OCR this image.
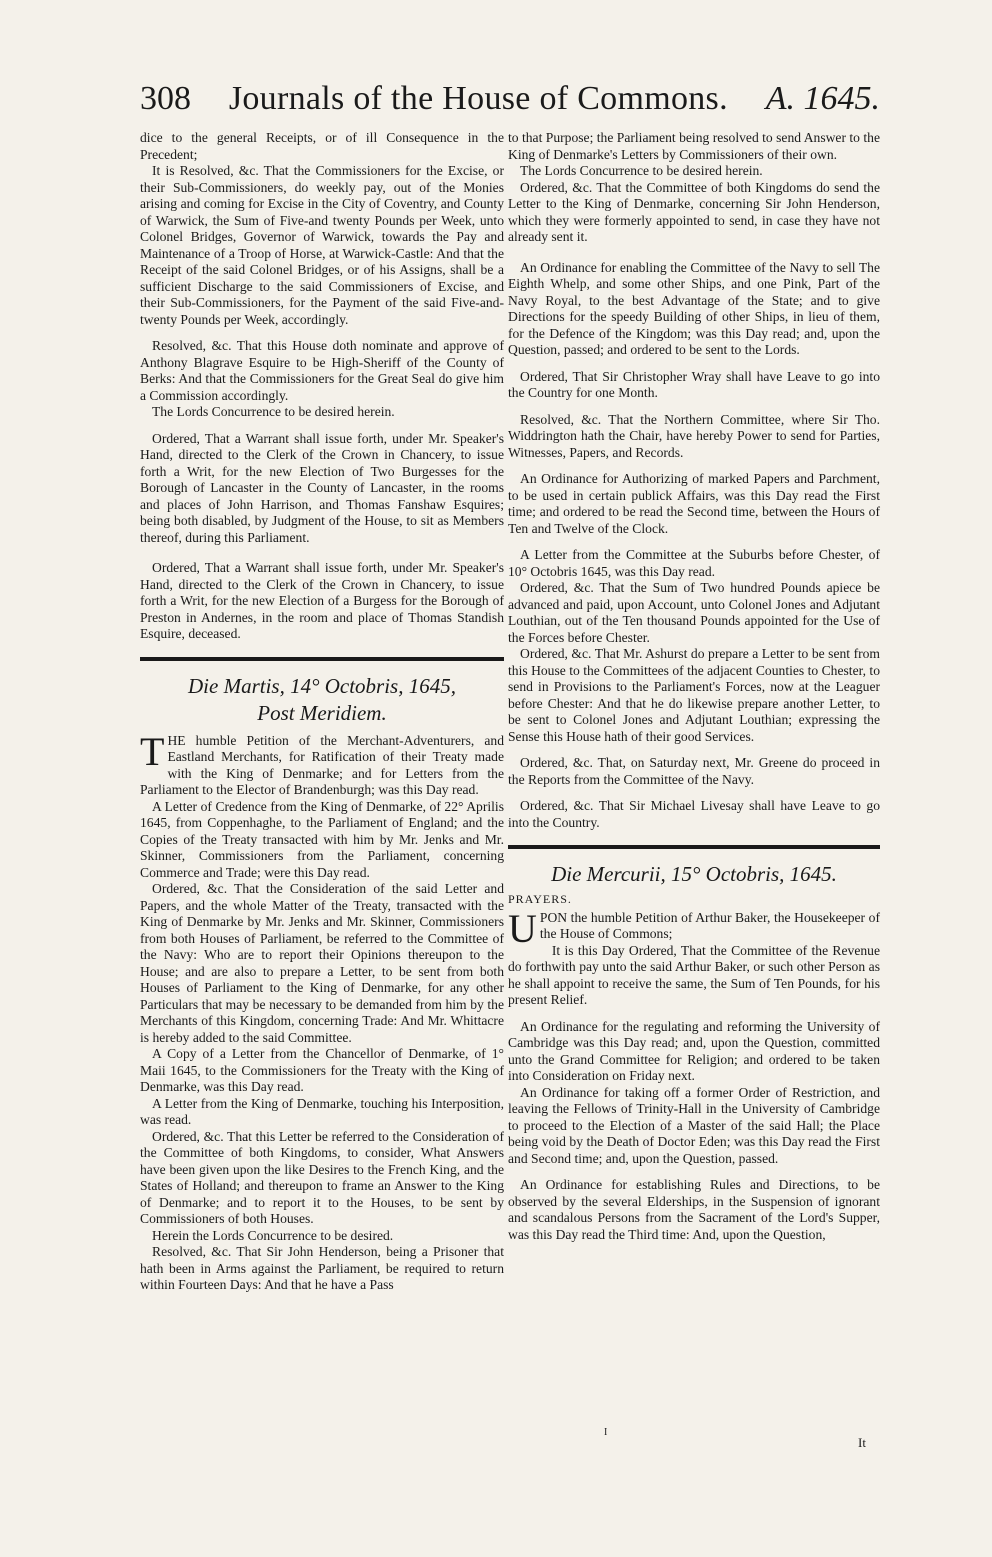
308 Journals of the House of Commons. A. 1645.

dice to the general Receipts, or of ill Consequence in the Precedent;

It is Resolved, &c. That the Commissioners for the Excise, or their Sub-Commissioners, do weekly pay, out of the Monies arising and coming for Excise in the City of Coventry, and County of Warwick, the Sum of Five-and twenty Pounds per Week, unto Colonel Bridges, Governor of Warwick, towards the Pay and Maintenance of a Troop of Horse, at Warwick-Castle: And that the Receipt of the said Colonel Bridges, or of his Assigns, shall be a sufficient Discharge to the said Commissioners of Excise, and their Sub-Commissioners, for the Payment of the said Five-and-twenty Pounds per Week, accordingly.

Resolved, &c. That this House doth nominate and approve of Anthony Blagrave Esquire to be High-Sheriff of the County of Berks: And that the Commissioners for the Great Seal do give him a Commission accordingly.

The Lords Concurrence to be desired herein.

Ordered, That a Warrant shall issue forth, under Mr. Speaker's Hand, directed to the Clerk of the Crown in Chancery, to issue forth a Writ, for the new Election of Two Burgesses for the Borough of Lancaster in the County of Lancaster, in the rooms and places of John Harrison, and Thomas Fanshaw Esquires; being both disabled, by Judgment of the House, to sit as Members thereof, during this Parliament.

Ordered, That a Warrant shall issue forth, under Mr. Speaker's Hand, directed to the Clerk of the Crown in Chancery, to issue forth a Writ, for the new Election of a Burgess for the Borough of Preston in Andernes, in the room and place of Thomas Standish Esquire, deceased.

Die Martis, 14° Octobris, 1645,
Post Meridiem.

THE humble Petition of the Merchant-Adventurers, and Eastland Merchants, for Ratification of their Treaty made with the King of Denmarke; and for Letters from the Parliament to the Elector of Brandenburgh; was this Day read.

A Letter of Credence from the King of Denmarke, of 22° Aprilis 1645, from Coppenhaghe, to the Parliament of England; and the Copies of the Treaty transacted with him by Mr. Jenks and Mr. Skinner, Commissioners from the Parliament, concerning Commerce and Trade; were this Day read.

Ordered, &c. That the Consideration of the said Letter and Papers, and the whole Matter of the Treaty, transacted with the King of Denmarke by Mr. Jenks and Mr. Skinner, Commissioners from both Houses of Parliament, be referred to the Committee of the Navy: Who are to report their Opinions thereupon to the House; and are also to prepare a Letter, to be sent from both Houses of Parliament to the King of Denmarke, for any other Particulars that may be necessary to be demanded from him by the Merchants of this Kingdom, concerning Trade: And Mr. Whittacre is hereby added to the said Committee.

A Copy of a Letter from the Chancellor of Denmarke, of 1° Maii 1645, to the Commissioners for the Treaty with the King of Denmarke, was this Day read.

A Letter from the King of Denmarke, touching his Interposition, was read.

Ordered, &c. That this Letter be referred to the Consideration of the Committee of both Kingdoms, to consider, What Answers have been given upon the like Desires to the French King, and the States of Holland; and thereupon to frame an Answer to the King of Denmarke; and to report it to the Houses, to be sent by Commissioners of both Houses.

Herein the Lords Concurrence to be desired.

Resolved, &c. That Sir John Henderson, being a Prisoner that hath been in Arms against the Parliament, be required to return within Fourteen Days: And that he have a Pass

to that Purpose; the Parliament being resolved to send Answer to the King of Denmarke's Letters by Commissioners of their own.

The Lords Concurrence to be desired herein.

Ordered, &c. That the Committee of both Kingdoms do send the Letter to the King of Denmarke, concerning Sir John Henderson, which they were formerly appointed to send, in case they have not already sent it.

An Ordinance for enabling the Committee of the Navy to sell The Eighth Whelp, and some other Ships, and one Pink, Part of the Navy Royal, to the best Advantage of the State; and to give Directions for the speedy Building of other Ships, in lieu of them, for the Defence of the Kingdom; was this Day read; and, upon the Question, passed; and ordered to be sent to the Lords.

Ordered, That Sir Christopher Wray shall have Leave to go into the Country for one Month.

Resolved, &c. That the Northern Committee, where Sir Tho. Widdrington hath the Chair, have hereby Power to send for Parties, Witnesses, Papers, and Records.

An Ordinance for Authorizing of marked Papers and Parchment, to be used in certain publick Affairs, was this Day read the First time; and ordered to be read the Second time, between the Hours of Ten and Twelve of the Clock.

A Letter from the Committee at the Suburbs before Chester, of 10° Octobris 1645, was this Day read.

Ordered, &c. That the Sum of Two hundred Pounds apiece be advanced and paid, upon Account, unto Colonel Jones and Adjutant Louthian, out of the Ten thousand Pounds appointed for the Use of the Forces before Chester.

Ordered, &c. That Mr. Ashurst do prepare a Letter to be sent from this House to the Committees of the adjacent Counties to Chester, to send in Provisions to the Parliament's Forces, now at the Leaguer before Chester: And that he do likewise prepare another Letter, to be sent to Colonel Jones and Adjutant Louthian; expressing the Sense this House hath of their good Services.

Ordered, &c. That, on Saturday next, Mr. Greene do proceed in the Reports from the Committee of the Navy.

Ordered, &c. That Sir Michael Livesay shall have Leave to go into the Country.

Die Mercurii, 15° Octobris, 1645.
PRAYERS.

UPON the humble Petition of Arthur Baker, the Housekeeper of the House of Commons;

It is this Day Ordered, That the Committee of the Revenue do forthwith pay unto the said Arthur Baker, or such other Person as he shall appoint to receive the same, the Sum of Ten Pounds, for his present Relief.

An Ordinance for the regulating and reforming the University of Cambridge was this Day read; and, upon the Question, committed unto the Grand Committee for Religion; and ordered to be taken into Consideration on Friday next.

An Ordinance for taking off a former Order of Restriction, and leaving the Fellows of Trinity-Hall in the University of Cambridge to proceed to the Election of a Master of the said Hall; the Place being void by the Death of Doctor Eden; was this Day read the First and Second time; and, upon the Question, passed.

An Ordinance for establishing Rules and Directions, to be observed by the several Elderships, in the Suspension of ignorant and scandalous Persons from the Sacrament of the Lord's Supper, was this Day read the Third time: And, upon the Question,

I
It
